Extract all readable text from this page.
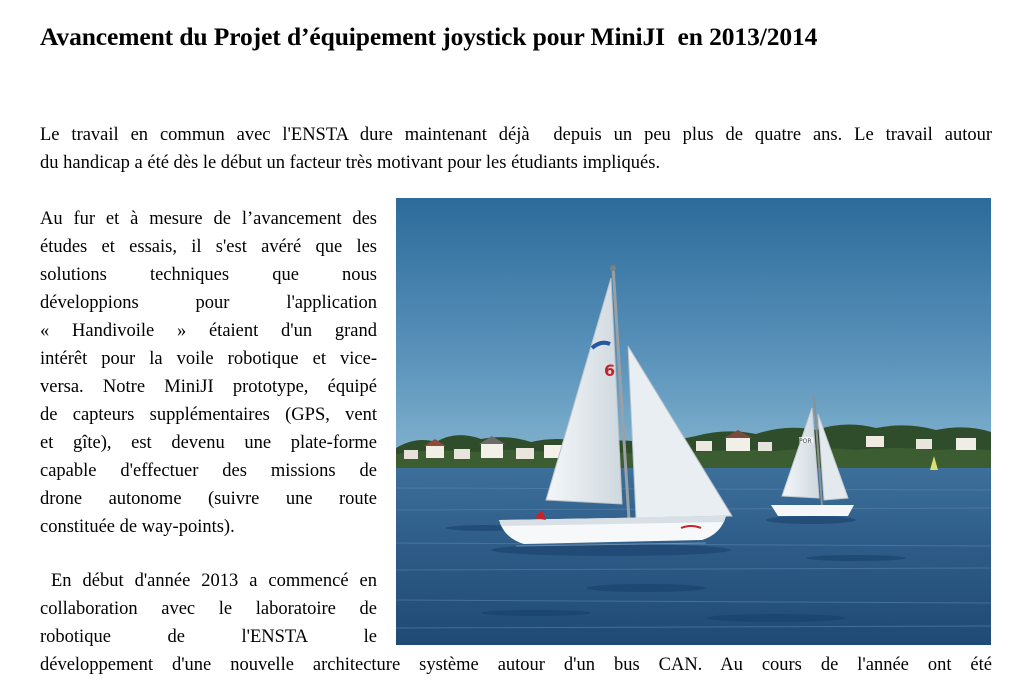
Avancement du Projet d’équipement joystick pour MiniJI  en 2013/2014

Le travail en commun avec l'ENSTA dure maintenant déjà  depuis un peu plus de quatre ans. Le travail autour
du handicap a été dès le début un facteur très motivant pour les étudiants impliqués.

Au fur et à mesure de l’avancement des
études et essais, il s'est avéré que les
solutions techniques que nous
développions pour l'application
« Handivoile » étaient d'un grand
intérêt pour la voile robotique et vice-
versa. Notre MiniJI prototype, équipé
de capteurs supplémentaires (GPS, vent
et gîte), est devenu une plate-forme
capable d'effectuer des missions de
drone autonome (suivre une route
constituée de way-points).

En début d'année 2013 a commencé en
collaboration avec le laboratoire de
robotique de l'ENSTA le

développement d'une nouvelle architecture système autour d'un bus CAN. Au cours de l'année ont été

POR
6
